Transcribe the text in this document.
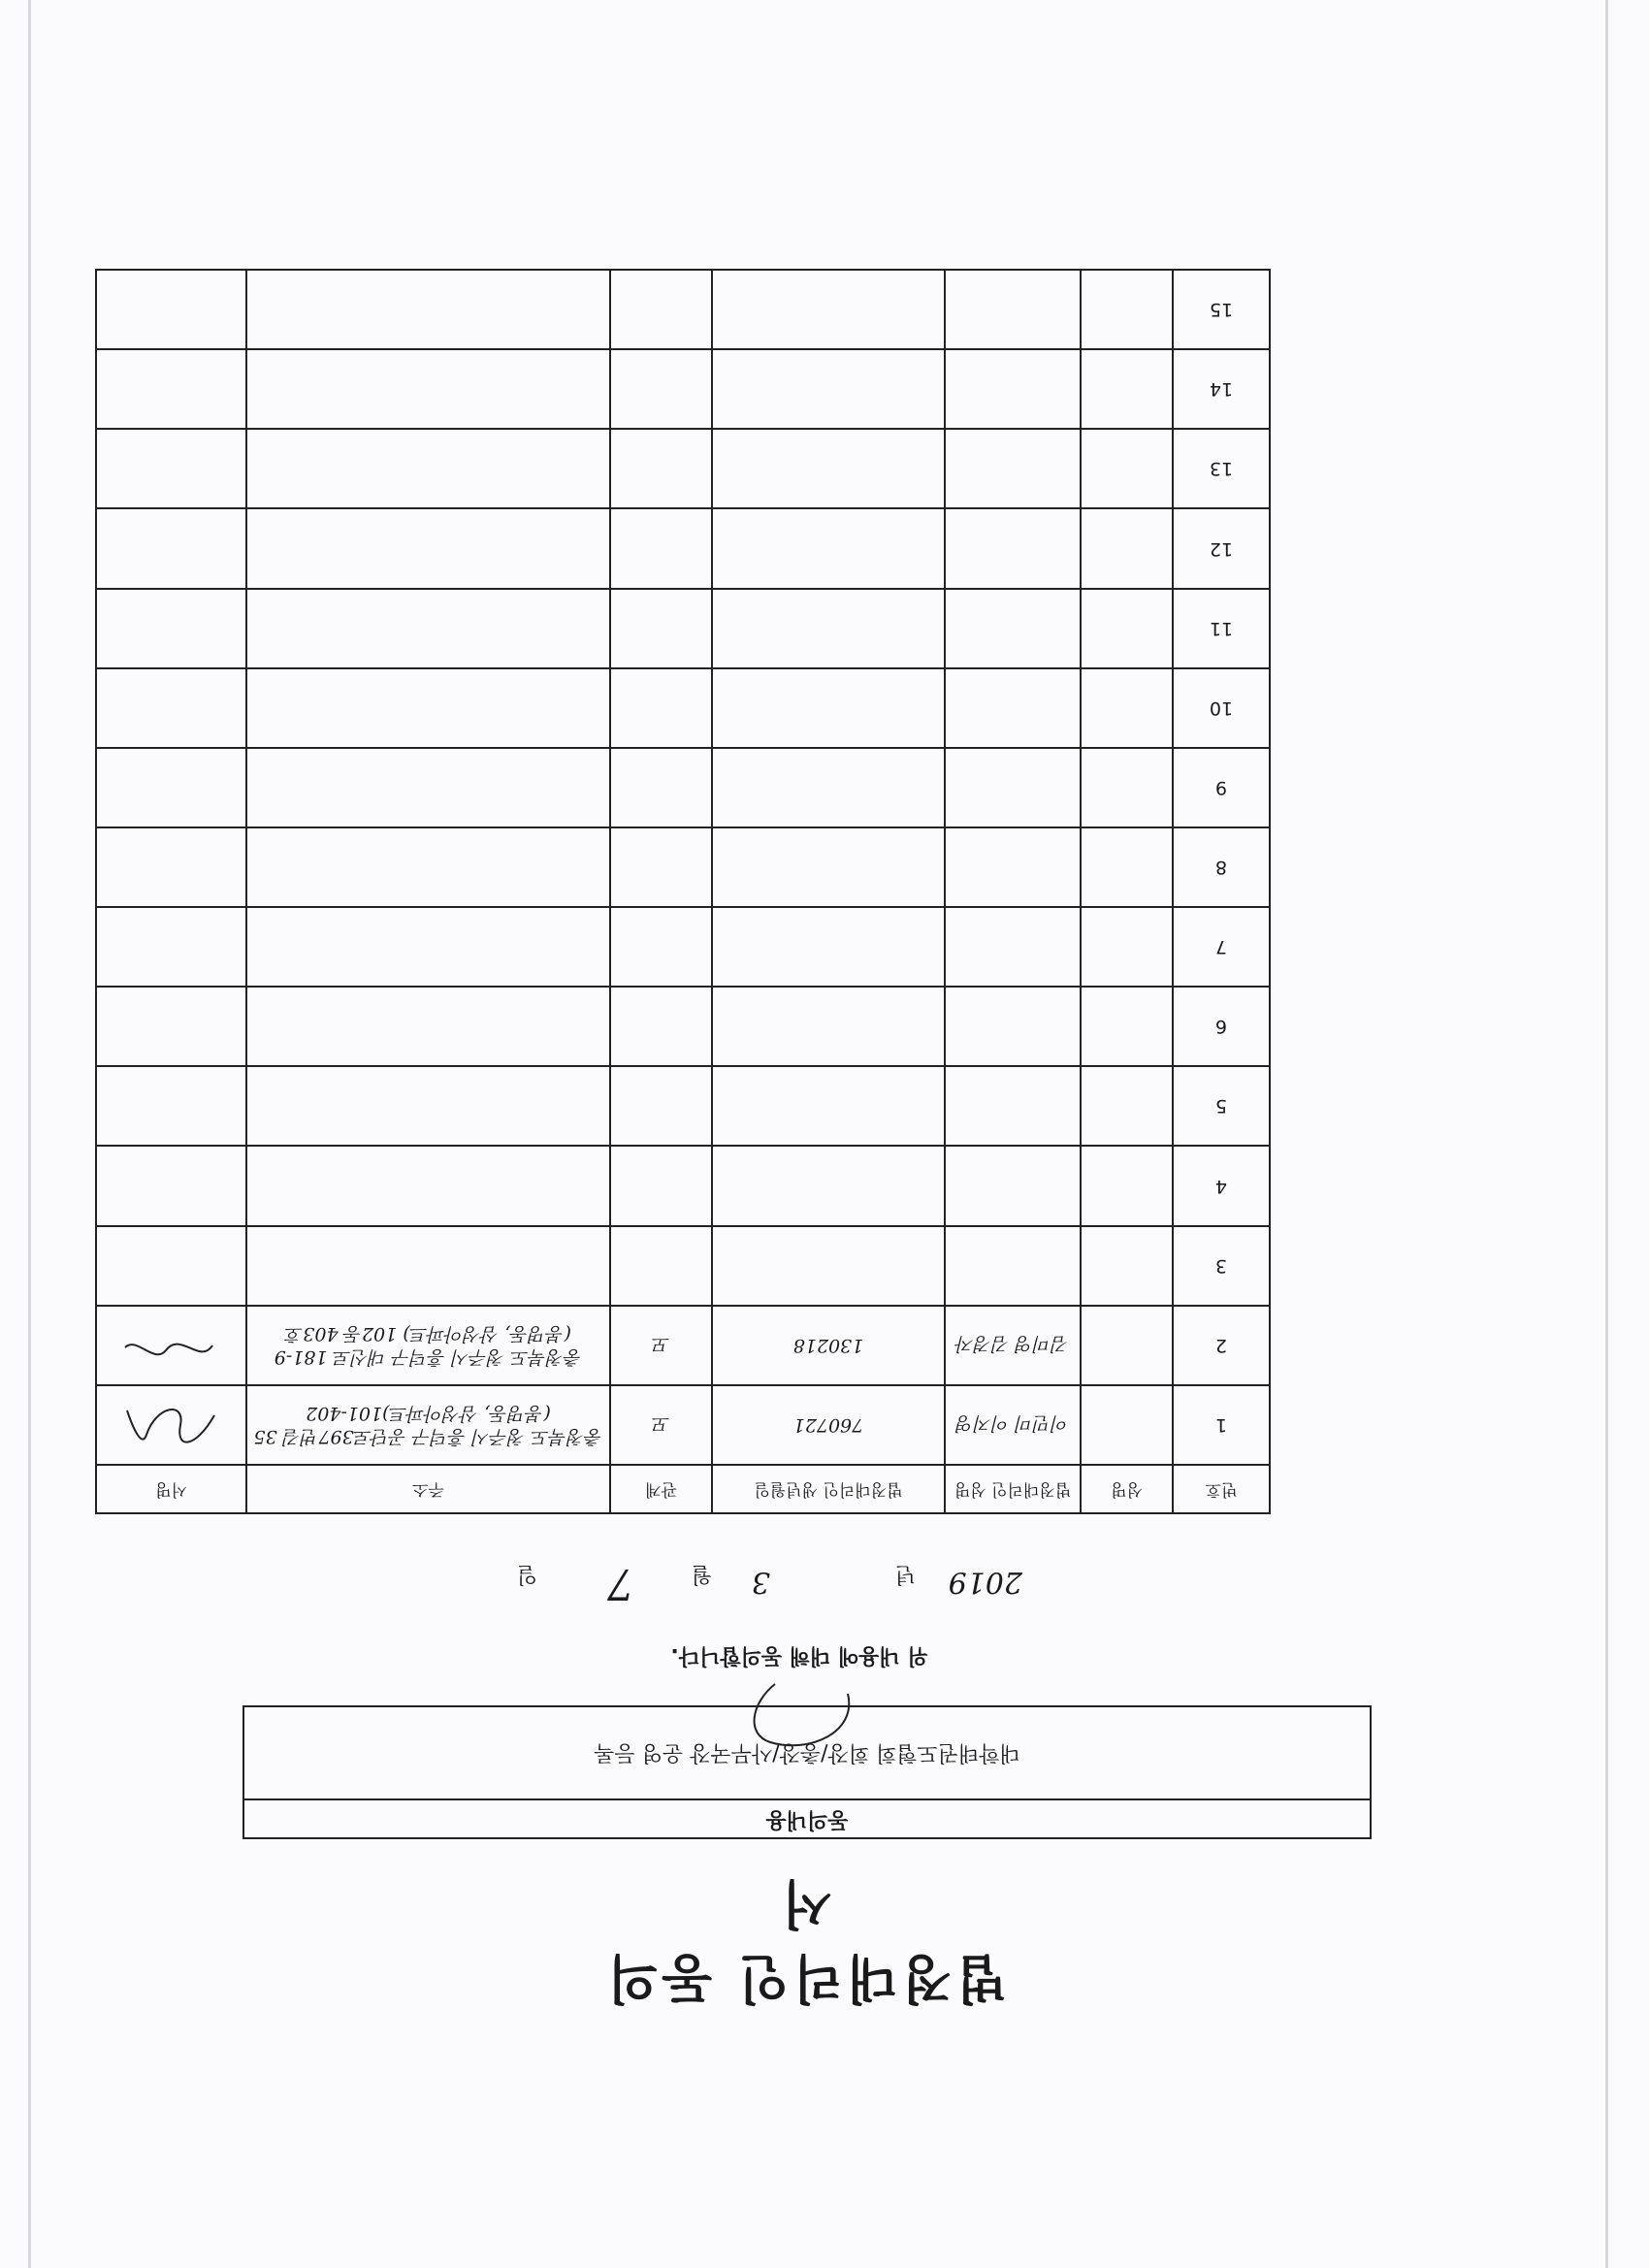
법정대리인 동의서
동의내용
대학태권도협회 회장/총장/사무국장 운영 등록
위 내용에 대해 동의합니다.
2019
년
3
월
7
일
번호	성명	법정대리인 성명	법정대리인 생년월일	관계	주소	서명
1		이민미 이지영	760721	모	충청북도 청주시 흥덕구 공단로397번길 35
(봉명동, 삼성아파트)101-402

2		김미영 김경자	130218	모	충청북도 청주시 흥덕구 대신로 181-9
(봉명동, 삼성아파트) 102동 403호

3					

4					

5					

6					

7					

8					

9					

10					

11					

12					

13					

14					

15					
